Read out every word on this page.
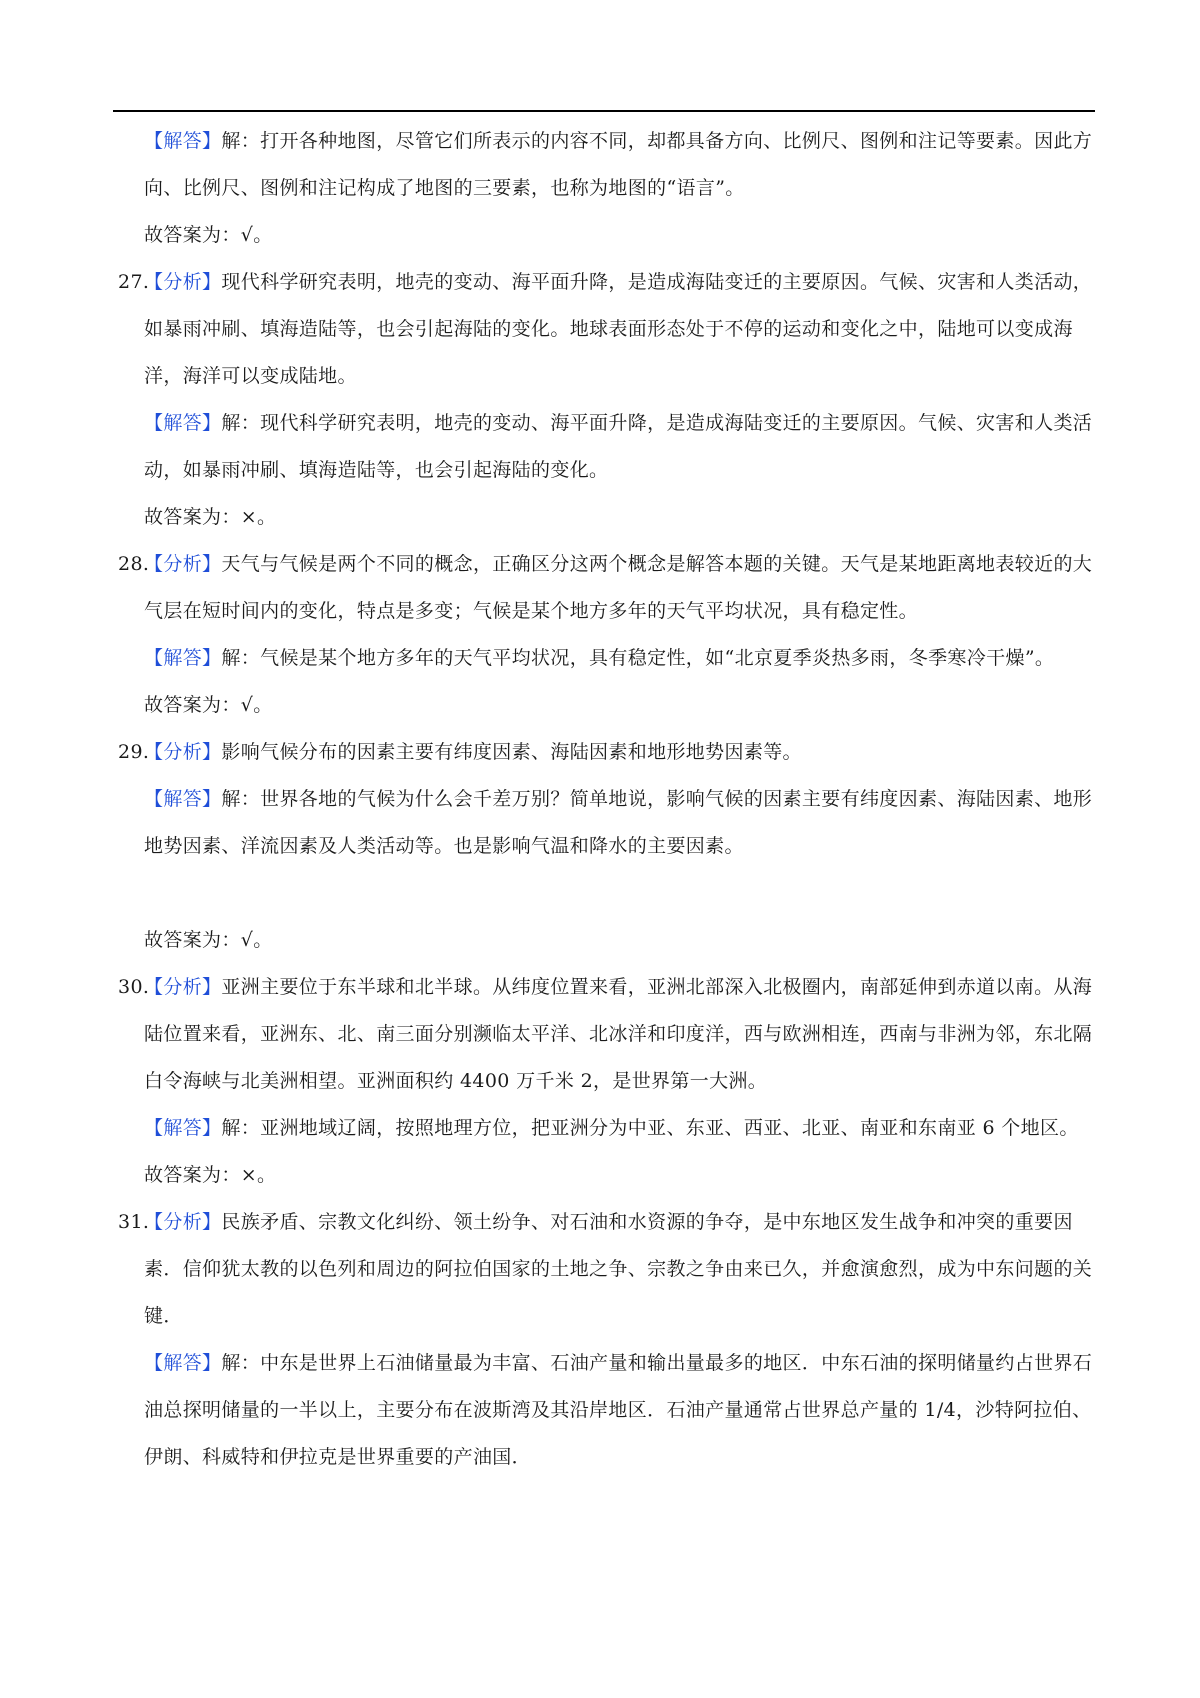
【解答】解：打开各种地图，尽管它们所表示的内容不同，却都具备方向、比例尺、图例和注记等要素。因此方向、比例尺、图例和注记构成了地图的三要素，也称为地图的“语言”。

故答案为：√。

27.【分析】现代科学研究表明，地壳的变动、海平面升降，是造成海陆变迁的主要原因。气候、灾害和人类活动，如暴雨冲刷、填海造陆等，也会引起海陆的变化。地球表面形态处于不停的运动和变化之中，陆地可以变成海洋，海洋可以变成陆地。

【解答】解：现代科学研究表明，地壳的变动、海平面升降，是造成海陆变迁的主要原因。气候、灾害和人类活动，如暴雨冲刷、填海造陆等，也会引起海陆的变化。

故答案为：×。

28.【分析】天气与气候是两个不同的概念，正确区分这两个概念是解答本题的关键。天气是某地距离地表较近的大气层在短时间内的变化，特点是多变；气候是某个地方多年的天气平均状况，具有稳定性。

【解答】解：气候是某个地方多年的天气平均状况，具有稳定性，如“北京夏季炎热多雨，冬季寒冷干燥”。

故答案为：√。

29.【分析】影响气候分布的因素主要有纬度因素、海陆因素和地形地势因素等。

【解答】解：世界各地的气候为什么会千差万别？简单地说，影响气候的因素主要有纬度因素、海陆因素、地形地势因素、洋流因素及人类活动等。也是影响气温和降水的主要因素。

故答案为：√。

30.【分析】亚洲主要位于东半球和北半球。从纬度位置来看，亚洲北部深入北极圈内，南部延伸到赤道以南。从海陆位置来看，亚洲东、北、南三面分别濒临太平洋、北冰洋和印度洋，西与欧洲相连，西南与非洲为邻，东北隔白令海峡与北美洲相望。亚洲面积约 4400 万千米 2，是世界第一大洲。

【解答】解：亚洲地域辽阔，按照地理方位，把亚洲分为中亚、东亚、西亚、北亚、南亚和东南亚 6 个地区。

故答案为：×。

31.【分析】民族矛盾、宗教文化纠纷、领土纷争、对石油和水资源的争夺，是中东地区发生战争和冲突的重要因素．信仰犹太教的以色列和周边的阿拉伯国家的土地之争、宗教之争由来已久，并愈演愈烈，成为中东问题的关键．

【解答】解：中东是世界上石油储量最为丰富、石油产量和输出量最多的地区．中东石油的探明储量约占世界石油总探明储量的一半以上，主要分布在波斯湾及其沿岸地区．石油产量通常占世界总产量的 1/4，沙特阿拉伯、伊朗、科威特和伊拉克是世界重要的产油国．
